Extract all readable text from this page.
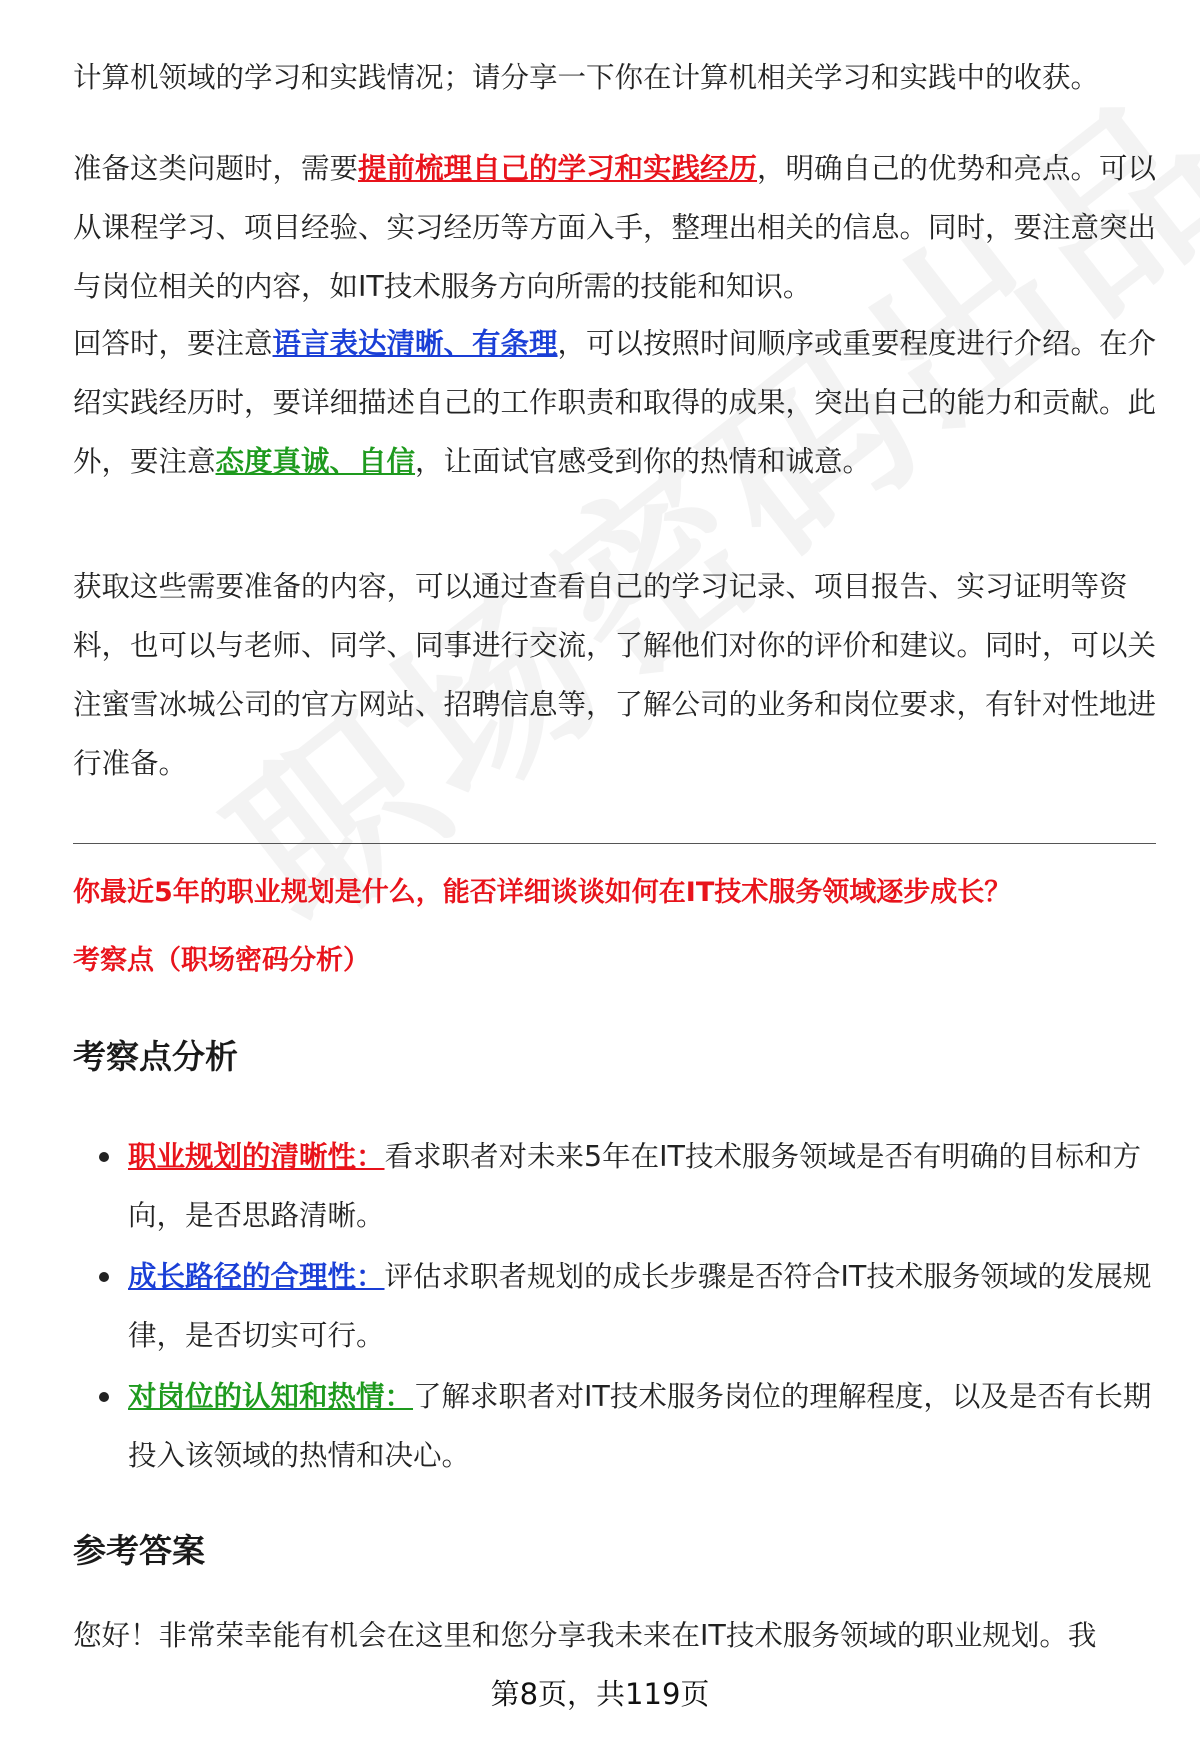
计算机领域的学习和实践情况；请分享一下你在计算机相关学习和实践中的收获。

准备这类问题时，需要提前梳理自己的学习和实践经历，明确自己的优势和亮点。可以从课程学习、项目经验、实习经历等方面入手，整理出相关的信息。同时，要注意突出与岗位相关的内容，如IT技术服务方向所需的技能和知识。

回答时，要注意语言表达清晰、有条理，可以按照时间顺序或重要程度进行介绍。在介绍实践经历时，要详细描述自己的工作职责和取得的成果，突出自己的能力和贡献。此外，要注意态度真诚、自信，让面试官感受到你的热情和诚意。

获取这些需要准备的内容，可以通过查看自己的学习记录、项目报告、实习证明等资料，也可以与老师、同学、同事进行交流，了解他们对你的评价和建议。同时，可以关注蜜雪冰城公司的官方网站、招聘信息等，了解公司的业务和岗位要求，有针对性地进行准备。

你最近5年的职业规划是什么，能否详细谈谈如何在IT技术服务领域逐步成长？

考察点（职场密码分析）

考察点分析
职业规划的清晰性：看求职者对未来5年在IT技术服务领域是否有明确的目标和方向，是否思路清晰。
成长路径的合理性：评估求职者规划的成长步骤是否符合IT技术服务领域的发展规律，是否切实可行。
对岗位的认知和热情：了解求职者对IT技术服务岗位的理解程度，以及是否有长期投入该领域的热情和决心。
参考答案

您好！非常荣幸能有机会在这里和您分享我未来在IT技术服务领域的职业规划。我

第8页，共119页
